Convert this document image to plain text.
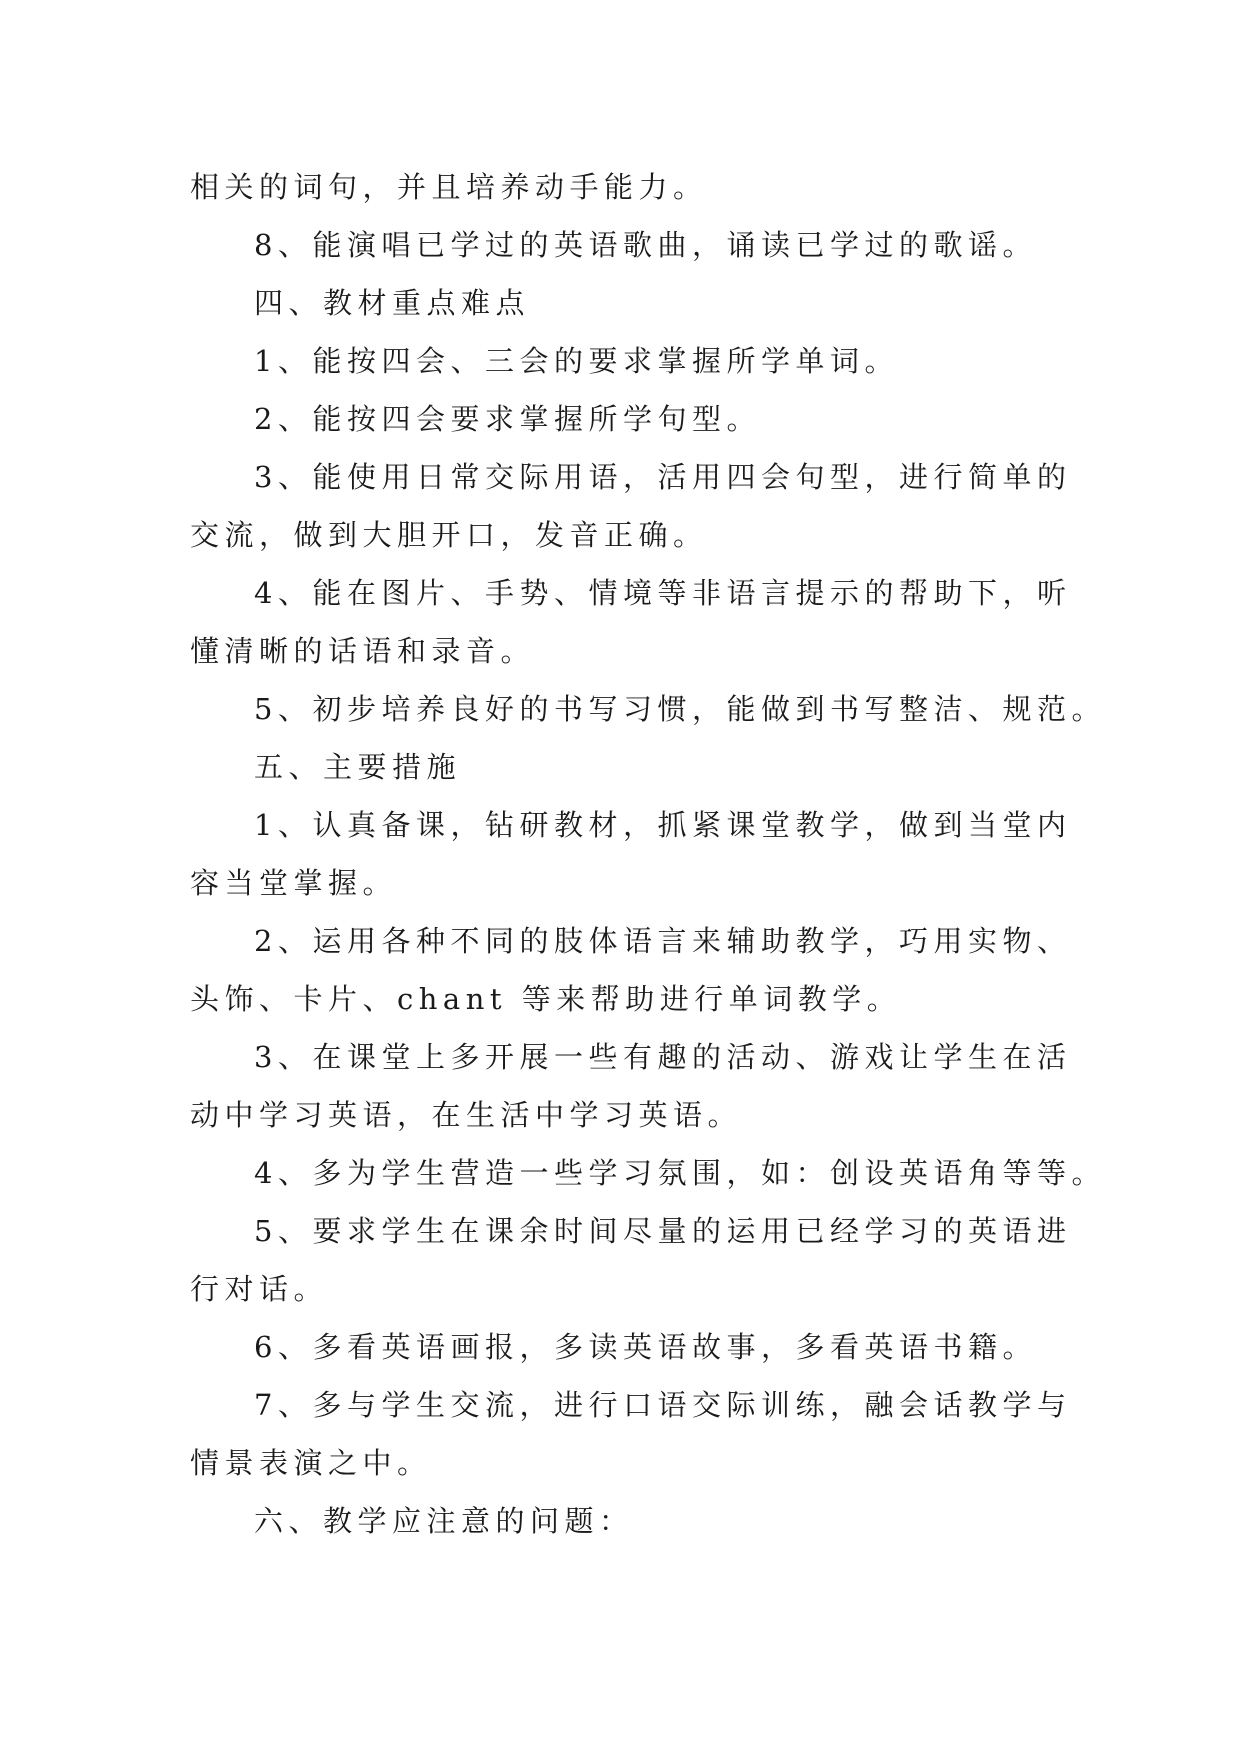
相关的词句，并且培养动手能力。

8、能演唱已学过的英语歌曲，诵读已学过的歌谣。

四、教材重点难点

1、能按四会、三会的要求掌握所学单词。

2、能按四会要求掌握所学句型。

3、能使用日常交际用语，活用四会句型，进行简单的

交流，做到大胆开口，发音正确。

4、能在图片、手势、情境等非语言提示的帮助下，听

懂清晰的话语和录音。

5、初步培养良好的书写习惯，能做到书写整洁、规范。

五、主要措施

1、认真备课，钻研教材，抓紧课堂教学，做到当堂内

容当堂掌握。

2、运用各种不同的肢体语言来辅助教学，巧用实物、

头饰、卡片、chant 等来帮助进行单词教学。

3、在课堂上多开展一些有趣的活动、游戏让学生在活

动中学习英语，在生活中学习英语。

4、多为学生营造一些学习氛围，如：创设英语角等等。

5、要求学生在课余时间尽量的运用已经学习的英语进

行对话。

6、多看英语画报，多读英语故事，多看英语书籍。

7、多与学生交流，进行口语交际训练，融会话教学与

情景表演之中。

六、教学应注意的问题：
